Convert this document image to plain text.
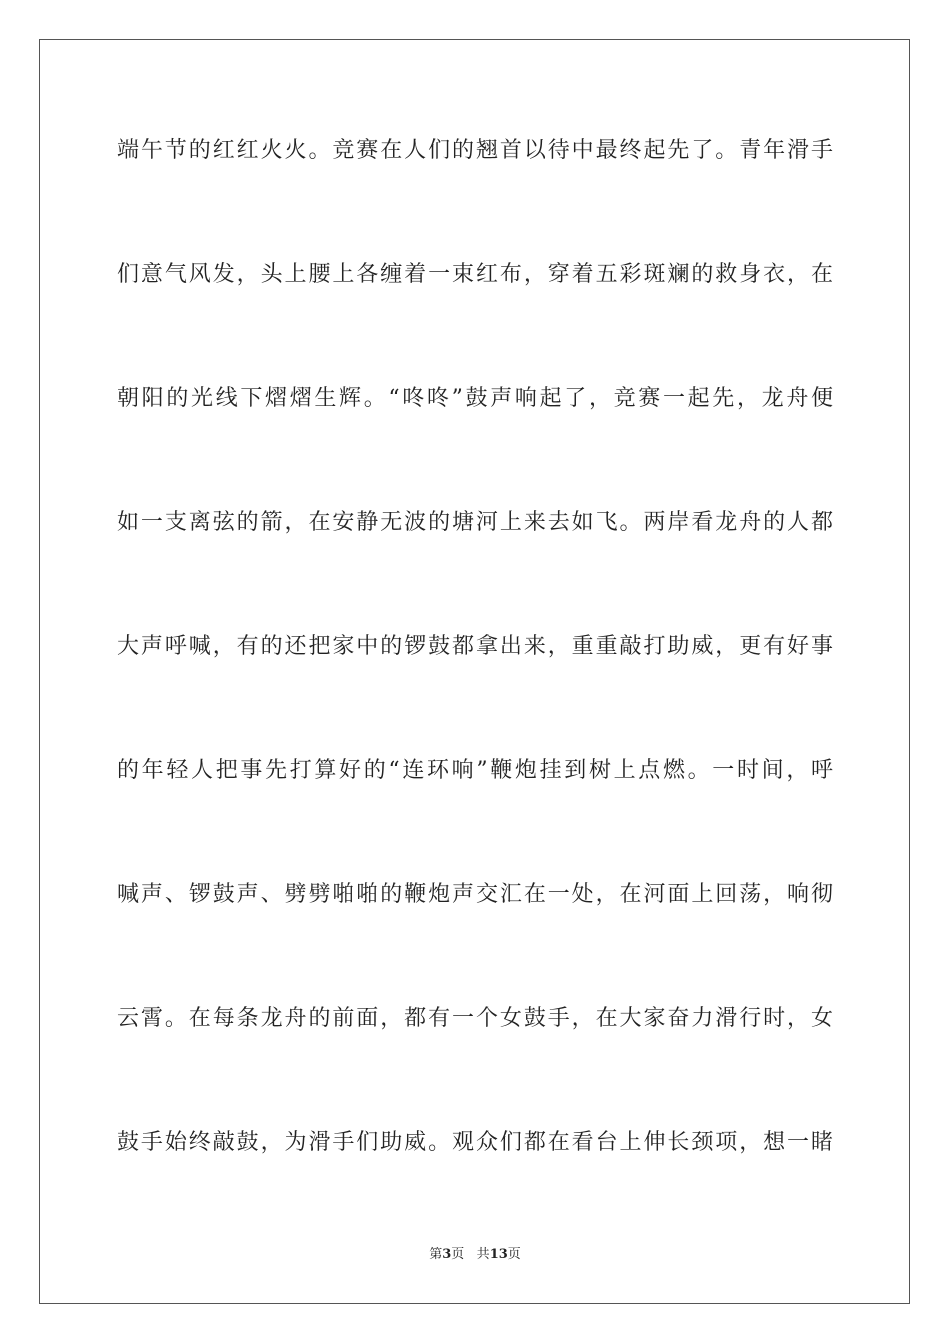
端午节的红红火火。竞赛在人们的翘首以待中最终起先了。青年滑手
们意气风发，头上腰上各缠着一束红布，穿着五彩斑斓的救身衣，在
朝阳的光线下熠熠生辉。“咚咚”鼓声响起了，竞赛一起先，龙舟便
如一支离弦的箭，在安静无波的塘河上来去如飞。两岸看龙舟的人都
大声呼喊，有的还把家中的锣鼓都拿出来，重重敲打助威，更有好事
的年轻人把事先打算好的“连环响”鞭炮挂到树上点燃。一时间，呼
喊声、锣鼓声、劈劈啪啪的鞭炮声交汇在一处，在河面上回荡，响彻
云霄。在每条龙舟的前面，都有一个女鼓手，在大家奋力滑行时，女
鼓手始终敲鼓，为滑手们助威。观众们都在看台上伸长颈项，想一睹
第3页 共13页
